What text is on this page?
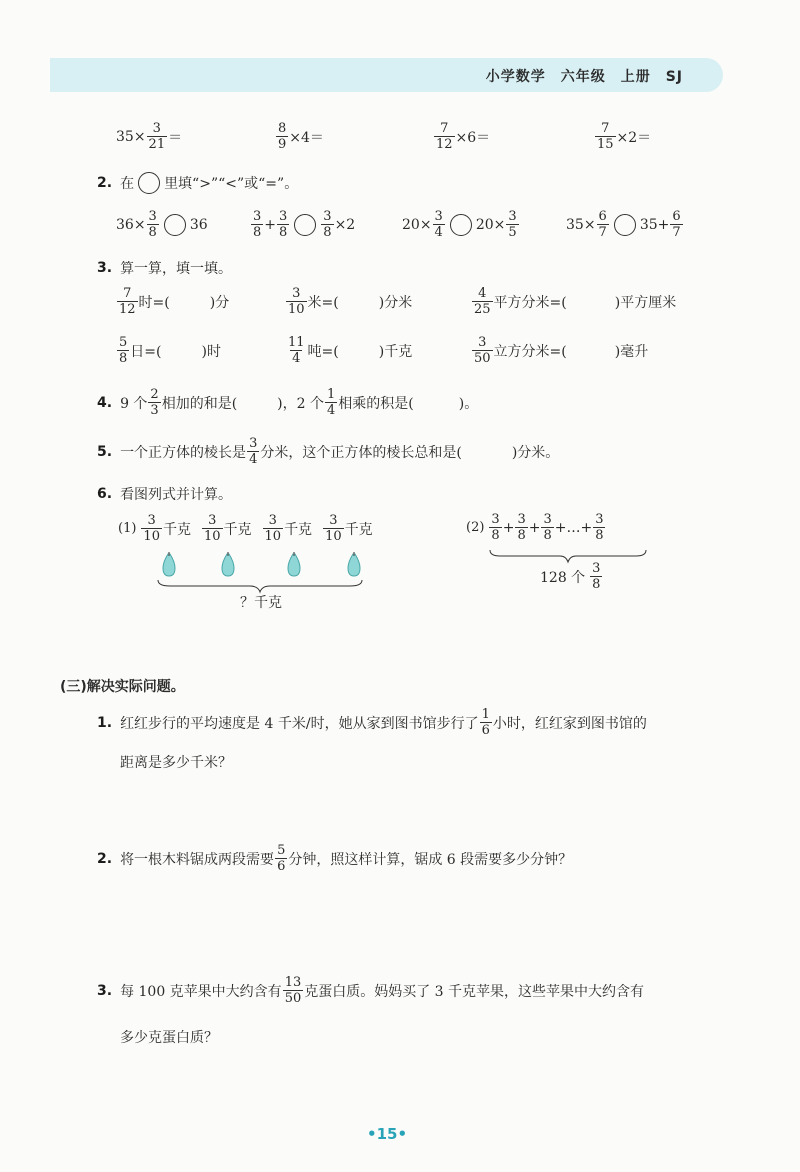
小学数学　六年级　上册　SJ
$35\times \frac{3}{21}$ ＝	$\frac{8}{9} \times 4=$	$\frac{7}{12} \times 6=$	$\frac{7}{15} \times 2=$
2. 在 里填“>”“<”或“=”。
$36\times \frac{3}{8} 36$	$\frac{3}{8} + \frac{3}{8} \frac{3}{8} \times 2$	$20\times \frac{3}{4} 20\times \frac{3}{5}$	$35\times \frac{6}{7} 35+ \frac{6}{7}$
3. 算一算，填一填。
$\frac{7}{12}$ 时=(	)分	$\frac{3}{10}$ 米=(	)分米	$\frac{4}{25}$ 平方分米=(	)平方厘米
$\frac{5}{8}$ 日=(	)时	$\frac{11}{4}$ 吨=(	)千克	$\frac{3}{50}$ 立方分米=(	)毫升
4. 9 个 $\frac{2}{3}$ 相加的和是(	)，2 个 $\frac{1}{4}$ 相乘的积是(	)。
5. 一个正方体的棱长是 $\frac{3}{4}$ 分米，这个正方体的棱长总和是(	)分米。
6. 看图列式并计算。
$(1) \frac{3}{10}$ 千克 $\frac{3}{10}$ 千克 $\frac{3}{10}$ 千克 $\frac{3}{10}$ 千克
？千克
$(2) \frac{3}{8} + \frac{3}{8} + \frac{3}{8}$ + … + $\frac{3}{8}$
128 个 $\frac{3}{8}$
(三)解决实际问题。
1. 红红步行的平均速度是 4 千米/时，她从家到图书馆步行了 $\frac{1}{6}$ 小时，红红家到图书馆的
距离是多少千米？
2. 将一根木料锯成两段需要 $\frac{5}{6}$ 分钟，照这样计算，锯成 6 段需要多少分钟？
3. 每 100 克苹果中大约含有 $\frac{13}{50}$ 克蛋白质。妈妈买了 3 千克苹果，这些苹果中大约含有
多少克蛋白质？
•15•
